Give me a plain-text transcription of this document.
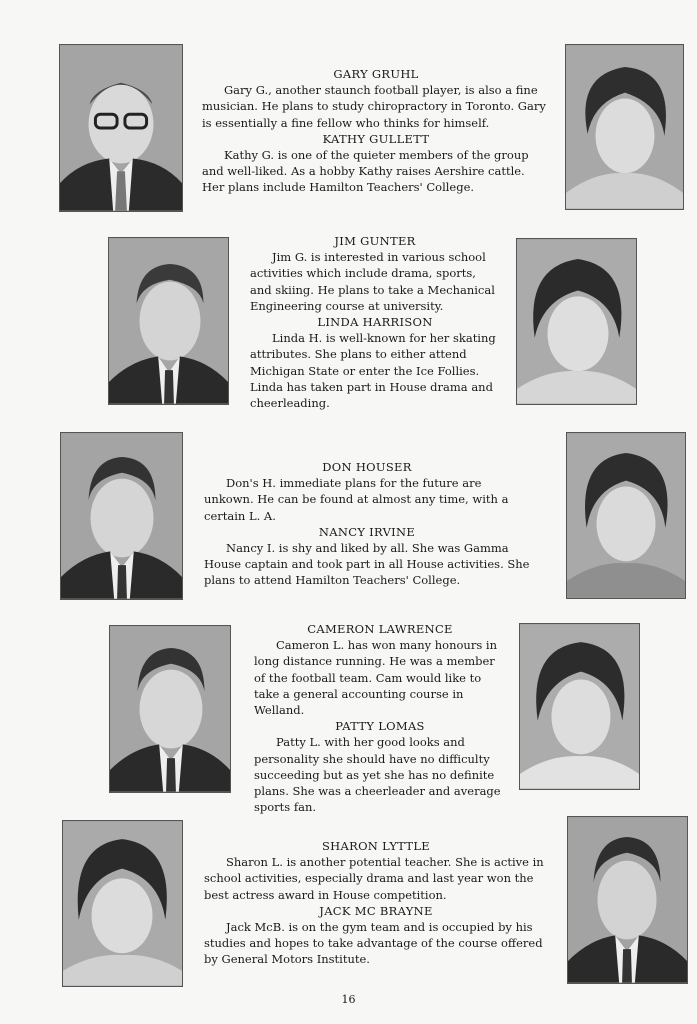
GARY GRUHL

Gary G., another staunch football player, is also a fine musician. He plans to study chiropractory in Toronto. Gary is essentially a fine fellow who thinks for himself.

KATHY GULLETT

Kathy G. is one of the quieter members of the group and well-liked. As a hobby Kathy raises Aershire cattle. Her plans include Hamilton Teachers' College.

JIM GUNTER

Jim G. is interested in various school activities which include drama, sports, and skiing. He plans to take a Mechanical Engineering course at university.

LINDA HARRISON

Linda H. is well-known for her skating attributes. She plans to either attend Michigan State or enter the Ice Follies. Linda has taken part in House drama and cheerleading.

DON HOUSER

Don's H. immediate plans for the future are unkown. He can be found at almost any time, with a certain L. A.

NANCY IRVINE

Nancy I. is shy and liked by all. She was Gamma House captain and took part in all House activities. She plans to attend Hamilton Teachers' College.

CAMERON LAWRENCE

Cameron L. has won many honours in long distance running. He was a member of the football team. Cam would like to take a general accounting course in Welland.

PATTY LOMAS

Patty L. with her good looks and personality she should have no difficulty succeeding but as yet she has no definite plans. She was a cheerleader and average sports fan.

SHARON LYTTLE

Sharon L. is another potential teacher. She is active in school activities, especially drama and last year won the best actress award in House competition.

JACK MC BRAYNE

Jack McB. is on the gym team and is occupied by his studies and hopes to take advantage of the course offered by General Motors Institute.

16
